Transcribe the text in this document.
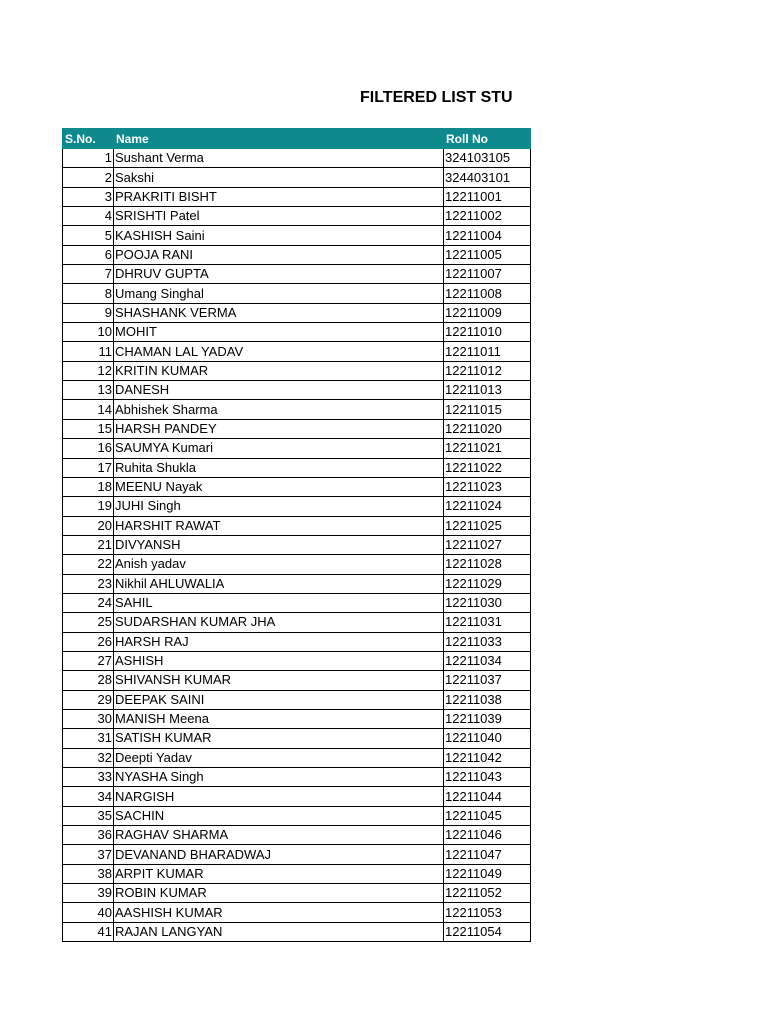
FILTERED LIST STU
S.No.	Name	Roll No
1	Sushant Verma	324103105
2	Sakshi	324403101
3	PRAKRITI BISHT	12211001
4	SRISHTI Patel	12211002
5	KASHISH Saini	12211004
6	POOJA RANI	12211005
7	DHRUV GUPTA	12211007
8	Umang Singhal	12211008
9	SHASHANK VERMA	12211009
10	MOHIT	12211010
11	CHAMAN LAL YADAV	12211011
12	KRITIN KUMAR	12211012
13	DANESH	12211013
14	Abhishek Sharma	12211015
15	HARSH PANDEY	12211020
16	SAUMYA Kumari	12211021
17	Ruhita Shukla	12211022
18	MEENU Nayak	12211023
19	JUHI Singh	12211024
20	HARSHIT RAWAT	12211025
21	DIVYANSH	12211027
22	Anish yadav	12211028
23	Nikhil AHLUWALIA	12211029
24	SAHIL	12211030
25	SUDARSHAN KUMAR JHA	12211031
26	HARSH RAJ	12211033
27	ASHISH	12211034
28	SHIVANSH KUMAR	12211037
29	DEEPAK SAINI	12211038
30	MANISH Meena	12211039
31	SATISH KUMAR	12211040
32	Deepti Yadav	12211042
33	NYASHA Singh	12211043
34	NARGISH	12211044
35	SACHIN	12211045
36	RAGHAV SHARMA	12211046
37	DEVANAND BHARADWAJ	12211047
38	ARPIT KUMAR	12211049
39	ROBIN KUMAR	12211052
40	AASHISH KUMAR	12211053
41	RAJAN LANGYAN	12211054
